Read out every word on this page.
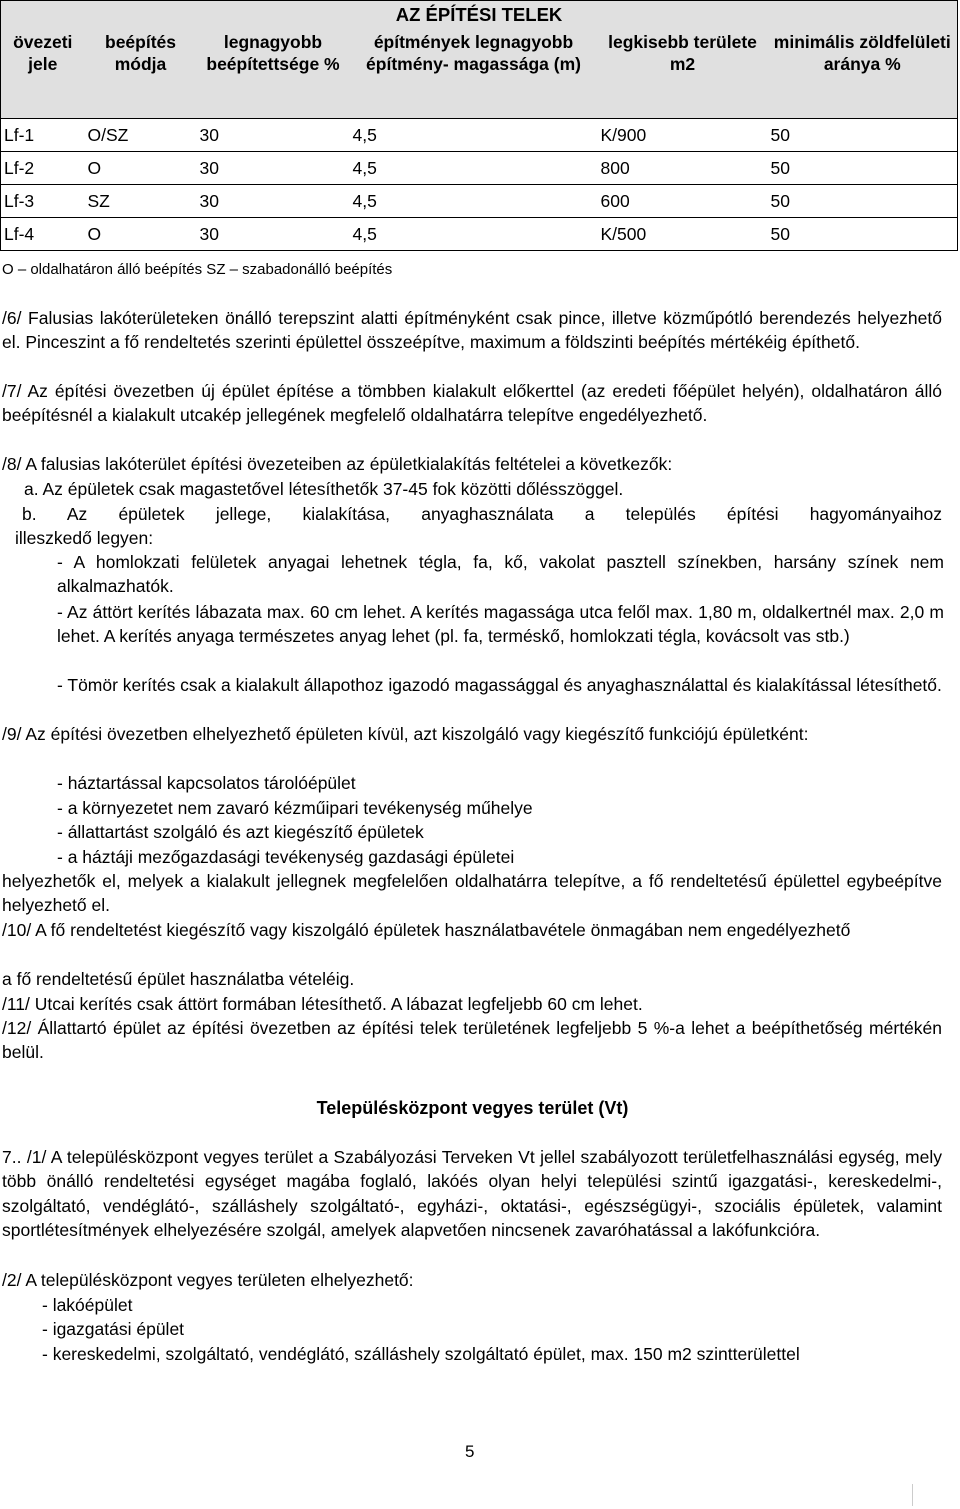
AZ ÉPÍTÉSI TELEK					
övezeti jele	beépítés módja	legnagyobb beépítettsége %	építmények legnagyobb építmény- magassága (m)	legkisebb területe m2	minimális zöldfelületi aránya %
Lf-1	O/SZ	30	4,5	K/900	50
Lf-2	O	30	4,5	800	50
Lf-3	SZ	30	4,5	600	50
Lf-4	O	30	4,5	K/500	50
O – oldalhatáron álló beépítés SZ – szabadonálló beépítés

/6/ Falusias lakóterületeken önálló terepszint alatti építményként csak pince, illetve közműpótló berendezés helyezhető el. Pinceszint a fő rendeltetés szerinti épülettel összeépítve, maximum a földszinti beépítés mértékéig építhető.

/7/ Az építési övezetben új épület építése a tömbben kialakult előkerttel (az eredeti főépület helyén), oldalhatáron álló beépítésnél a kialakult utcakép jellegének megfelelő oldalhatárra telepítve engedélyezhető.

/8/ A falusias lakóterület építési övezeteiben az épületkialakítás feltételei a következők:

a. Az épületek csak magastetővel létesíthetők 37-45 fok közötti dőlésszöggel.

b. Az épületek jellege, kialakítása, anyaghasználata a település építési hagyományaihoz

illeszkedő legyen:

- A homlokzati felületek anyagai lehetnek tégla, fa, kő, vakolat pasztell színekben, harsány színek nem alkalmazhatók.

- Az áttört kerítés lábazata max. 60 cm lehet. A kerítés magassága utca felől max. 1,80 m, oldalkertnél max. 2,0 m lehet. A kerítés anyaga természetes anyag lehet (pl. fa, terméskő, homlokzati tégla, kovácsolt vas stb.)

- Tömör kerítés csak a kialakult állapothoz igazodó magassággal és anyaghasználattal és kialakítással létesíthető.

/9/ Az építési övezetben elhelyezhető épületen kívül, azt kiszolgáló vagy kiegészítő funkciójú épületként:

- háztartással kapcsolatos tárolóépület

- a környezetet nem zavaró kézműipari tevékenység műhelye

- állattartást szolgáló és azt kiegészítő épületek

- a háztáji mezőgazdasági tevékenység gazdasági épületei

helyezhetők el, melyek a kialakult jellegnek megfelelően oldalhatárra telepítve, a fő rendeltetésű épülettel egybeépítve helyezhető el.

/10/ A fő rendeltetést kiegészítő vagy kiszolgáló épületek használatbavétele önmagában nem engedélyezhető

a fő rendeltetésű épület használatba vételéig.

/11/ Utcai kerítés csak áttört formában létesíthető. A lábazat legfeljebb 60 cm lehet.

/12/ Állattartó épület az építési övezetben az építési telek területének legfeljebb 5 %-a lehet a beépíthetőség mértékén belül.

Településközpont vegyes terület (Vt)

7.. /1/ A településközpont vegyes terület a Szabályozási Terveken Vt jellel szabályozott területfelhasználási egység, mely több önálló rendeltetési egységet magába foglaló, lakóés olyan helyi települési szintű igazgatási-, kereskedelmi-, szolgáltató, vendéglátó-, szálláshely szolgáltató-, egyházi-, oktatási-, egészségügyi-, szociális épületek, valamint sportlétesítmények elhelyezésére szolgál, amelyek alapvetően nincsenek zavaróhatással a lakófunkcióra.

/2/ A településközpont vegyes területen elhelyezhető:

- lakóépület

- igazgatási épület

- kereskedelmi, szolgáltató, vendéglátó, szálláshely szolgáltató épület, max. 150 m2 szintterülettel

5
